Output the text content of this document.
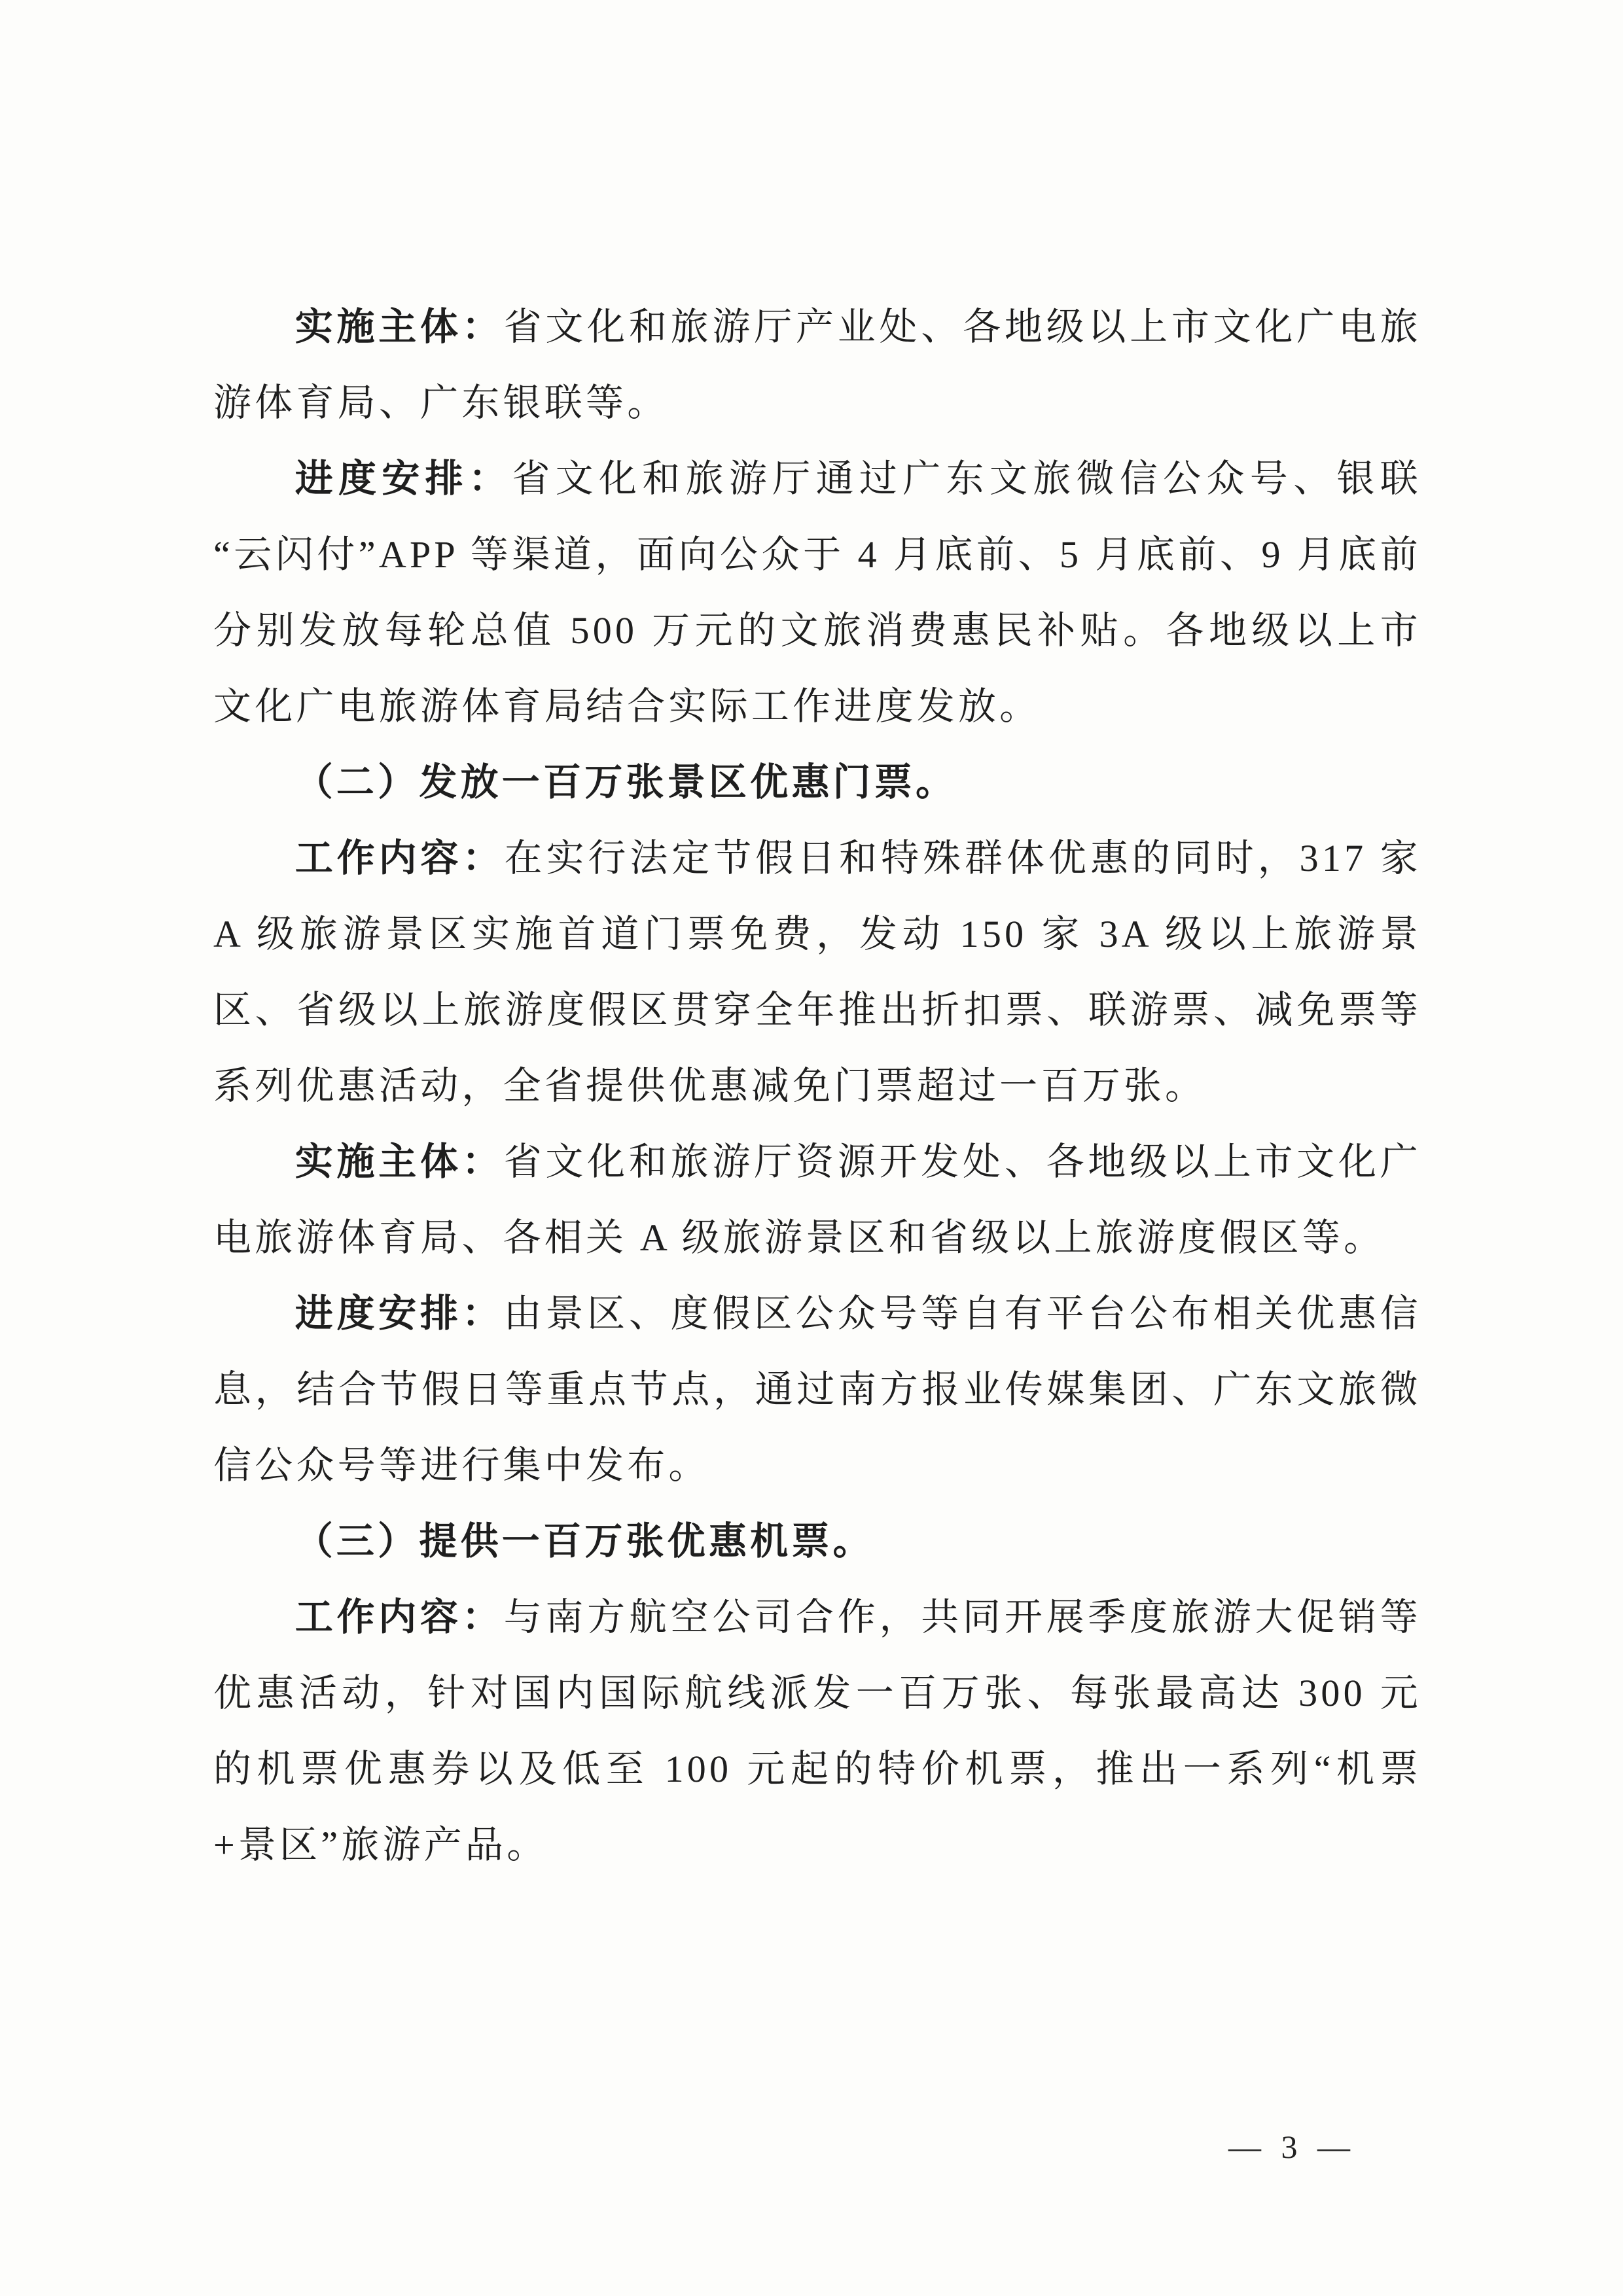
实施主体：省文化和旅游厅产业处、各地级以上市文化广电旅游体育局、广东银联等。

进度安排：省文化和旅游厅通过广东文旅微信公众号、银联“云闪付”APP 等渠道，面向公众于 4 月底前、5 月底前、9 月底前分别发放每轮总值 500 万元的文旅消费惠民补贴。各地级以上市文化广电旅游体育局结合实际工作进度发放。

（二）发放一百万张景区优惠门票。

工作内容：在实行法定节假日和特殊群体优惠的同时，317 家 A 级旅游景区实施首道门票免费，发动 150 家 3A 级以上旅游景区、省级以上旅游度假区贯穿全年推出折扣票、联游票、减免票等系列优惠活动，全省提供优惠减免门票超过一百万张。

实施主体：省文化和旅游厅资源开发处、各地级以上市文化广电旅游体育局、各相关 A 级旅游景区和省级以上旅游度假区等。

进度安排：由景区、度假区公众号等自有平台公布相关优惠信息，结合节假日等重点节点，通过南方报业传媒集团、广东文旅微信公众号等进行集中发布。

（三）提供一百万张优惠机票。

工作内容：与南方航空公司合作，共同开展季度旅游大促销等优惠活动，针对国内国际航线派发一百万张、每张最高达 300 元的机票优惠券以及低至 100 元起的特价机票，推出一系列“机票+景区”旅游产品。

— 3 —
